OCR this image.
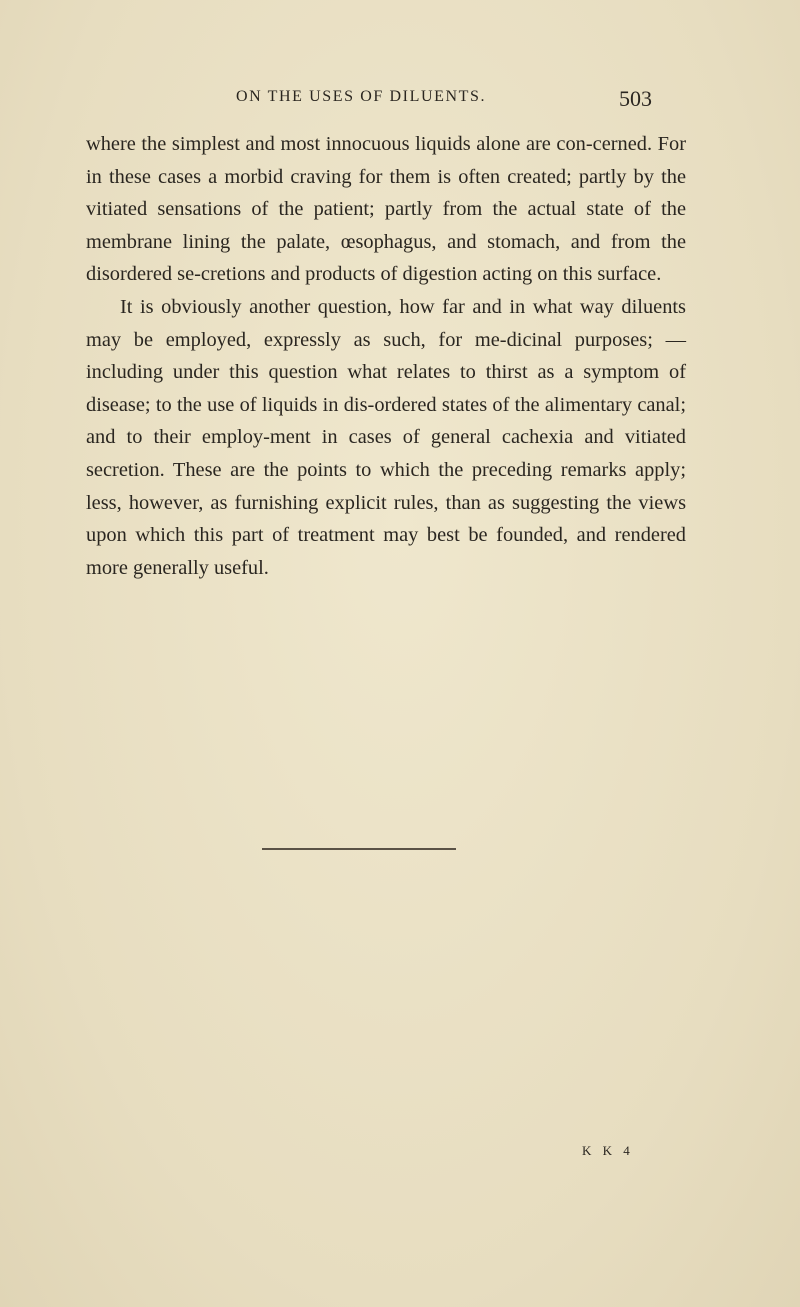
ON THE USES OF DILUENTS.	503

where the simplest and most innocuous liquids alone are con-cerned. For in these cases a morbid craving for them is often created; partly by the vitiated sensations of the patient; partly from the actual state of the membrane lining the palate, œsophagus, and stomach, and from the disordered se-cretions and products of digestion acting on this surface.

It is obviously another question, how far and in what way diluents may be employed, expressly as such, for me-dicinal purposes; —including under this question what relates to thirst as a symptom of disease; to the use of liquids in dis-ordered states of the alimentary canal; and to their employ-ment in cases of general cachexia and vitiated secretion. These are the points to which the preceding remarks apply; less, however, as furnishing explicit rules, than as suggesting the views upon which this part of treatment may best be founded, and rendered more generally useful.

K K 4
